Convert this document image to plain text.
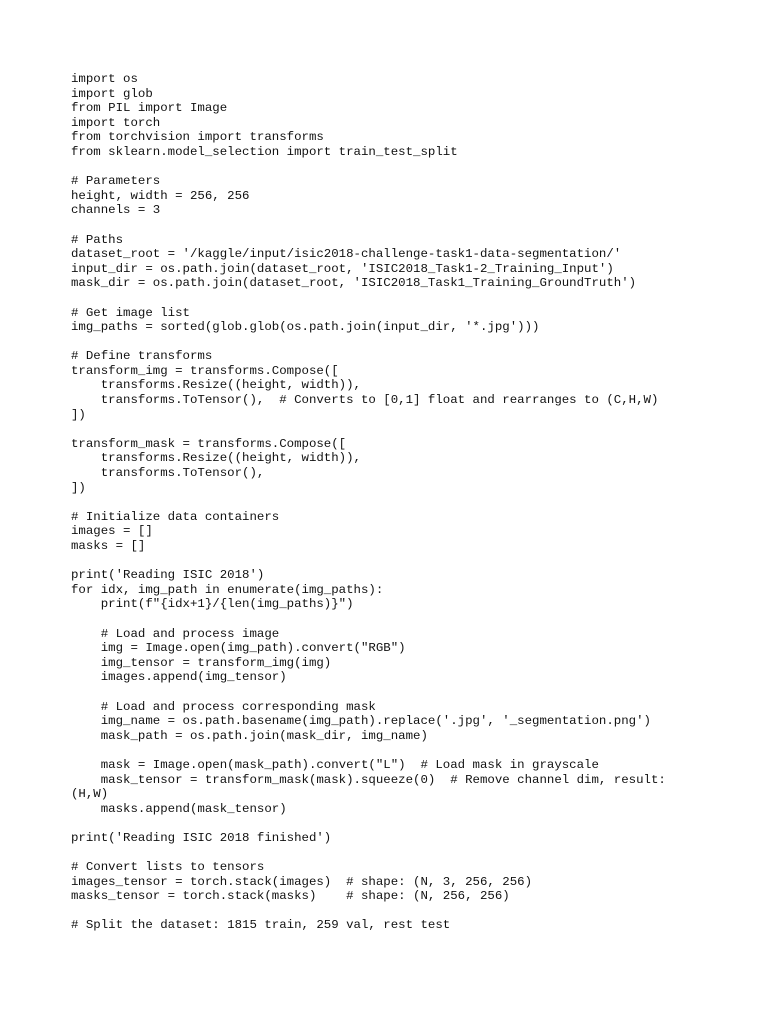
import os
import glob
from PIL import Image
import torch
from torchvision import transforms
from sklearn.model_selection import train_test_split
# Parameters
height, width = 256, 256
channels = 3
# Paths
dataset_root = '/kaggle/input/isic2018-challenge-task1-data-segmentation/'
input_dir = os.path.join(dataset_root, 'ISIC2018_Task1-2_Training_Input')
mask_dir = os.path.join(dataset_root, 'ISIC2018_Task1_Training_GroundTruth')
# Get image list
img_paths = sorted(glob.glob(os.path.join(input_dir, '*.jpg')))
# Define transforms
transform_img = transforms.Compose([
transforms.Resize((height, width)),
transforms.ToTensor(),  # Converts to [0,1] float and rearranges to (C,H,W)
])
transform_mask = transforms.Compose([
transforms.Resize((height, width)),
transforms.ToTensor(),
])
# Initialize data containers
images = []
masks = []
print('Reading ISIC 2018')
for idx, img_path in enumerate(img_paths):
print(f"{idx+1}/{len(img_paths)}")
# Load and process image
img = Image.open(img_path).convert("RGB")
img_tensor = transform_img(img)
images.append(img_tensor)
# Load and process corresponding mask
img_name = os.path.basename(img_path).replace('.jpg', '_segmentation.png')
mask_path = os.path.join(mask_dir, img_name)
mask = Image.open(mask_path).convert("L")  # Load mask in grayscale
mask_tensor = transform_mask(mask).squeeze(0)  # Remove channel dim, result:
(H,W)
masks.append(mask_tensor)
print('Reading ISIC 2018 finished')
# Convert lists to tensors
images_tensor = torch.stack(images)  # shape: (N, 3, 256, 256)
masks_tensor = torch.stack(masks)    # shape: (N, 256, 256)
# Split the dataset: 1815 train, 259 val, rest test
